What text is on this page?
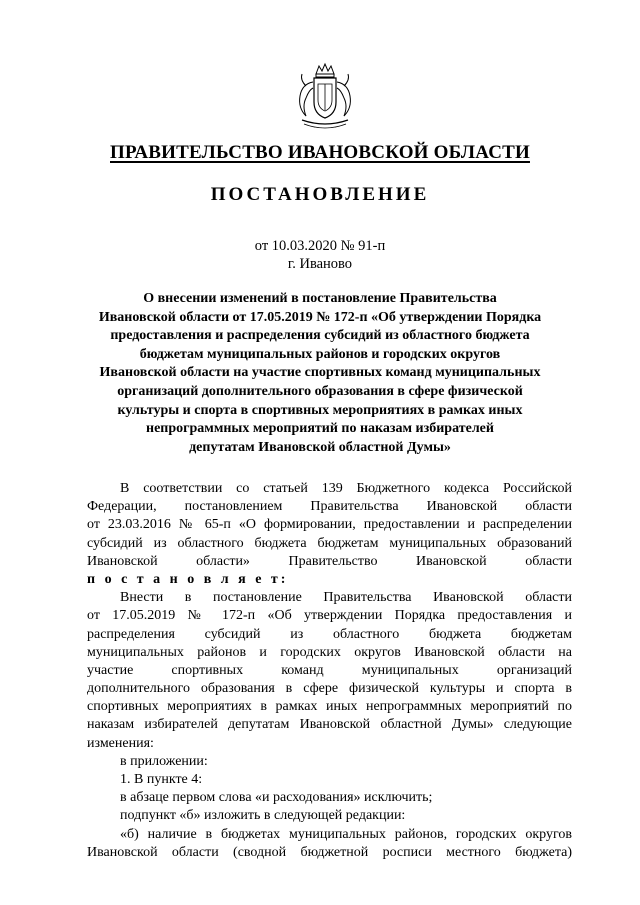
ПРАВИТЕЛЬСТВО ИВАНОВСКОЙ ОБЛАСТИ
ПОСТАНОВЛЕНИЕ
от 10.03.2020 № 91-п
г. Иваново
О внесении изменений в постановление Правительства
Ивановской области от 17.05.2019 № 172-п «Об утверждении Порядка
предоставления и распределения субсидий из областного бюджета
бюджетам муниципальных районов и городских округов
Ивановской области на участие спортивных команд муниципальных
организаций дополнительного образования в сфере физической
культуры и спорта в спортивных мероприятиях в рамках иных
непрограммных мероприятий по наказам избирателей
депутатам Ивановской областной Думы»
В соответствии со статьей 139 Бюджетного кодекса Российской
Федерации, постановлением Правительства Ивановской области
от 23.03.2016 № 65-п «О формировании, предоставлении и распределении
субсидий из областного бюджета бюджетам муниципальных образований
Ивановской области» Правительство Ивановской области
п о с т а н о в л я е т:
Внести в постановление Правительства Ивановской области
от 17.05.2019 № 172-п «Об утверждении Порядка предоставления и
распределения субсидий из областного бюджета бюджетам
муниципальных районов и городских округов Ивановской области на
участие спортивных команд муниципальных организаций
дополнительного образования в сфере физической культуры и спорта в
спортивных мероприятиях в рамках иных непрограммных мероприятий по
наказам избирателей депутатам Ивановской областной Думы» следующие
изменения:
в приложении:
1. В пункте 4:
в абзаце первом слова «и расходования» исключить;
подпункт «б» изложить в следующей редакции:
«б) наличие в бюджетах муниципальных районов, городских округов
Ивановской области (сводной бюджетной росписи местного бюджета)
